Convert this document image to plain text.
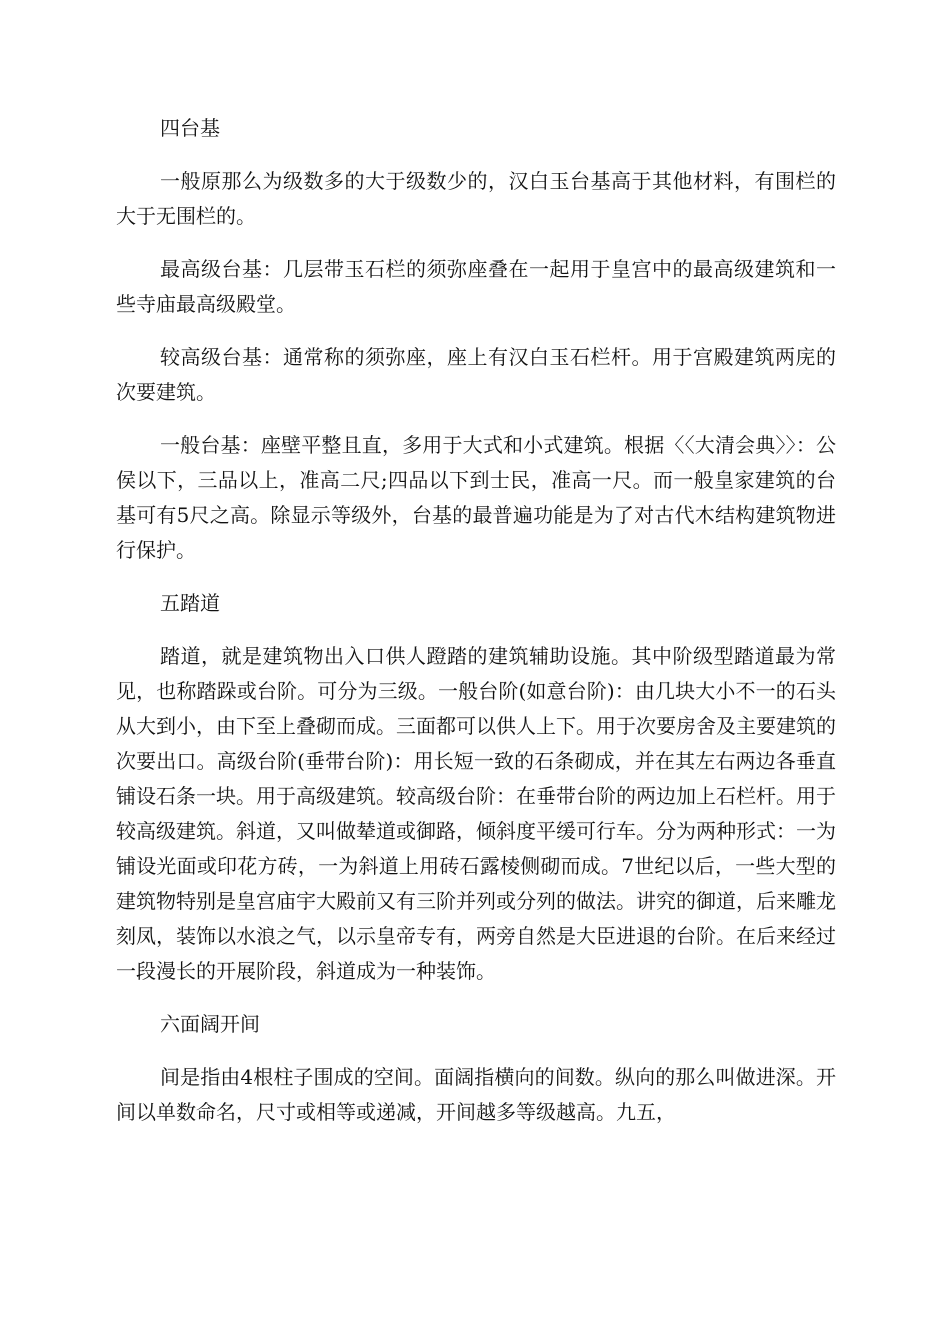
四台基

一般原那么为级数多的大于级数少的，汉白玉台基高于其他材料，有围栏的大于无围栏的。

最高级台基：几层带玉石栏的须弥座叠在一起用于皇宫中的最高级建筑和一些寺庙最高级殿堂。

较高级台基：通常称的须弥座，座上有汉白玉石栏杆。用于宫殿建筑两庑的次要建筑。

一般台基：座壁平整且直，多用于大式和小式建筑。根据〈〈大清会典〉〉：公侯以下，三品以上，准高二尺;四品以下到士民，准高一尺。而一般皇家建筑的台基可有5尺之高。除显示等级外，台基的最普遍功能是为了对古代木结构建筑物进行保护。

五踏道

踏道，就是建筑物出入口供人蹬踏的建筑辅助设施。其中阶级型踏道最为常见，也称踏跺或台阶。可分为三级。一般台阶(如意台阶)：由几块大小不一的石头从大到小，由下至上叠砌而成。三面都可以供人上下。用于次要房舍及主要建筑的次要出口。高级台阶(垂带台阶)：用长短一致的石条砌成，并在其左右两边各垂直铺设石条一块。用于高级建筑。较高级台阶：在垂带台阶的两边加上石栏杆。用于较高级建筑。斜道，又叫做辇道或御路，倾斜度平缓可行车。分为两种形式：一为铺设光面或印花方砖，一为斜道上用砖石露棱侧砌而成。7世纪以后，一些大型的建筑物特别是皇宫庙宇大殿前又有三阶并列或分列的做法。讲究的御道，后来雕龙刻凤，装饰以水浪之气，以示皇帝专有，两旁自然是大臣进退的台阶。在后来经过一段漫长的开展阶段，斜道成为一种装饰。

六面阔开间

间是指由4根柱子围成的空间。面阔指横向的间数。纵向的那么叫做进深。开间以单数命名，尺寸或相等或递减，开间越多等级越高。九五，
